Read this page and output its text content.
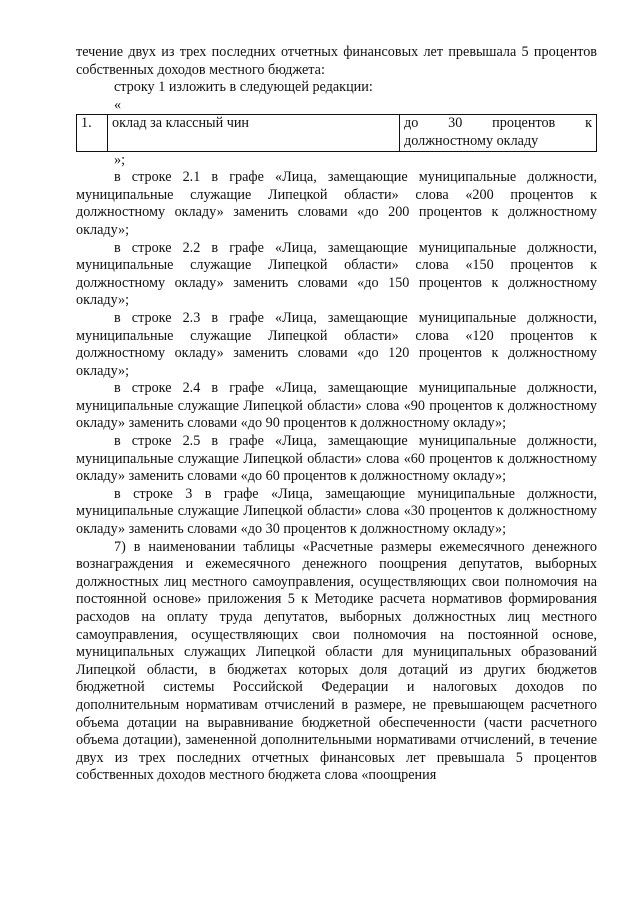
течение двух из трех последних отчетных финансовых лет превышала 5 процентов собственных доходов местного бюджета:

строку 1 изложить в следующей редакции:

«

1.	оклад за классный чин	до 30 процентов к должностному окладу

»;

в строке 2.1 в графе «Лица, замещающие муниципальные должности, муниципальные служащие Липецкой области» слова «200 процентов к должностному окладу» заменить словами «до 200 процентов к должностному окладу»;

в строке 2.2 в графе «Лица, замещающие муниципальные должности, муниципальные служащие Липецкой области» слова «150 процентов к должностному окладу» заменить словами «до 150 процентов к должностному окладу»;

в строке 2.3 в графе «Лица, замещающие муниципальные должности, муниципальные служащие Липецкой области» слова «120 процентов к должностному окладу» заменить словами «до 120 процентов к должностному окладу»;

в строке 2.4 в графе «Лица, замещающие муниципальные должности, муниципальные служащие Липецкой области» слова «90 процентов к должностному окладу» заменить словами «до 90 процентов к должностному окладу»;

в строке 2.5 в графе «Лица, замещающие муниципальные должности, муниципальные служащие Липецкой области» слова «60 процентов к должностному окладу» заменить словами «до 60 процентов к должностному окладу»;

в строке 3 в графе «Лица, замещающие муниципальные должности, муниципальные служащие Липецкой области» слова «30 процентов к должностному окладу» заменить словами «до 30 процентов к должностному окладу»;

7) в наименовании таблицы «Расчетные размеры ежемесячного денежного вознаграждения и ежемесячного денежного поощрения депутатов, выборных должностных лиц местного самоуправления, осуществляющих свои полномочия на постоянной основе» приложения 5 к Методике расчета нормативов формирования расходов на оплату труда депутатов, выборных должностных лиц местного самоуправления, осуществляющих свои полномочия на постоянной основе, муниципальных служащих Липецкой области для муниципальных образований Липецкой области, в бюджетах которых доля дотаций из других бюджетов бюджетной системы Российской Федерации и налоговых доходов по дополнительным нормативам отчислений в размере, не превышающем расчетного объема дотации на выравнивание бюджетной обеспеченности (части расчетного объема дотации), замененной дополнительными нормативами отчислений, в течение двух из трех последних отчетных финансовых лет превышала 5 процентов собственных доходов местного бюджета слова «поощрения
